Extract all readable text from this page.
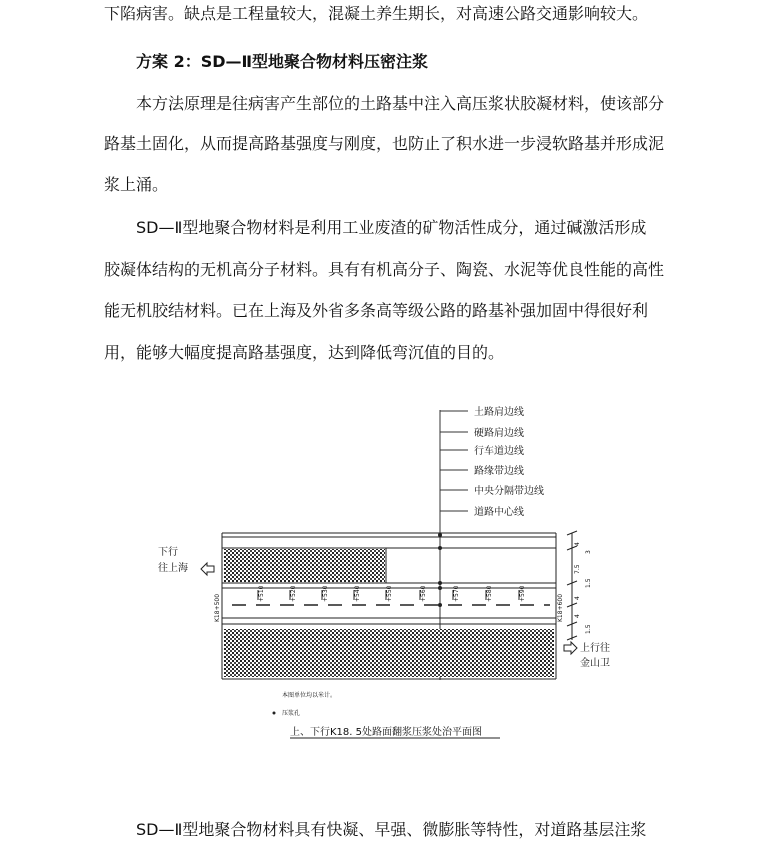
下陷病害。缺点是工程量较大，混凝土养生期长，对高速公路交通影响较大。
方案 2：SD—Ⅱ型地聚合物材料压密注浆
本方法原理是往病害产生部位的土路基中注入高压浆状胶凝材料，使该部分
路基土固化，从而提高路基强度与刚度，也防止了积水进一步浸软路基并形成泥
浆上涌。
SD—Ⅱ型地聚合物材料是利用工业废渣的矿物活性成分，通过碱激活形成
胶凝体结构的无机高分子材料。具有有机高分子、陶瓷、水泥等优良性能的高性
能无机胶结材料。已在上海及外省多条高等级公路的路基补强加固中得很好利
用，能够大幅度提高路基强度，达到降低弯沉值的目的。
SD—Ⅱ型地聚合物材料具有快凝、早强、微膨胀等特性，对道路基层注浆
土路肩边线
硬路肩边线
行车道边线
路缘带边线
中央分隔带边线
道路中心线
+510	+520	+530	+540	+550	+560	+570	+580	+590
K18+500	K18+600
4
3
7.5
1.5
4
4
1.5
下行
往上海
上行往
金山卫
本图单位均以米计。
压浆孔
上、下行K18. 5处路面翻浆压浆处治平面图
